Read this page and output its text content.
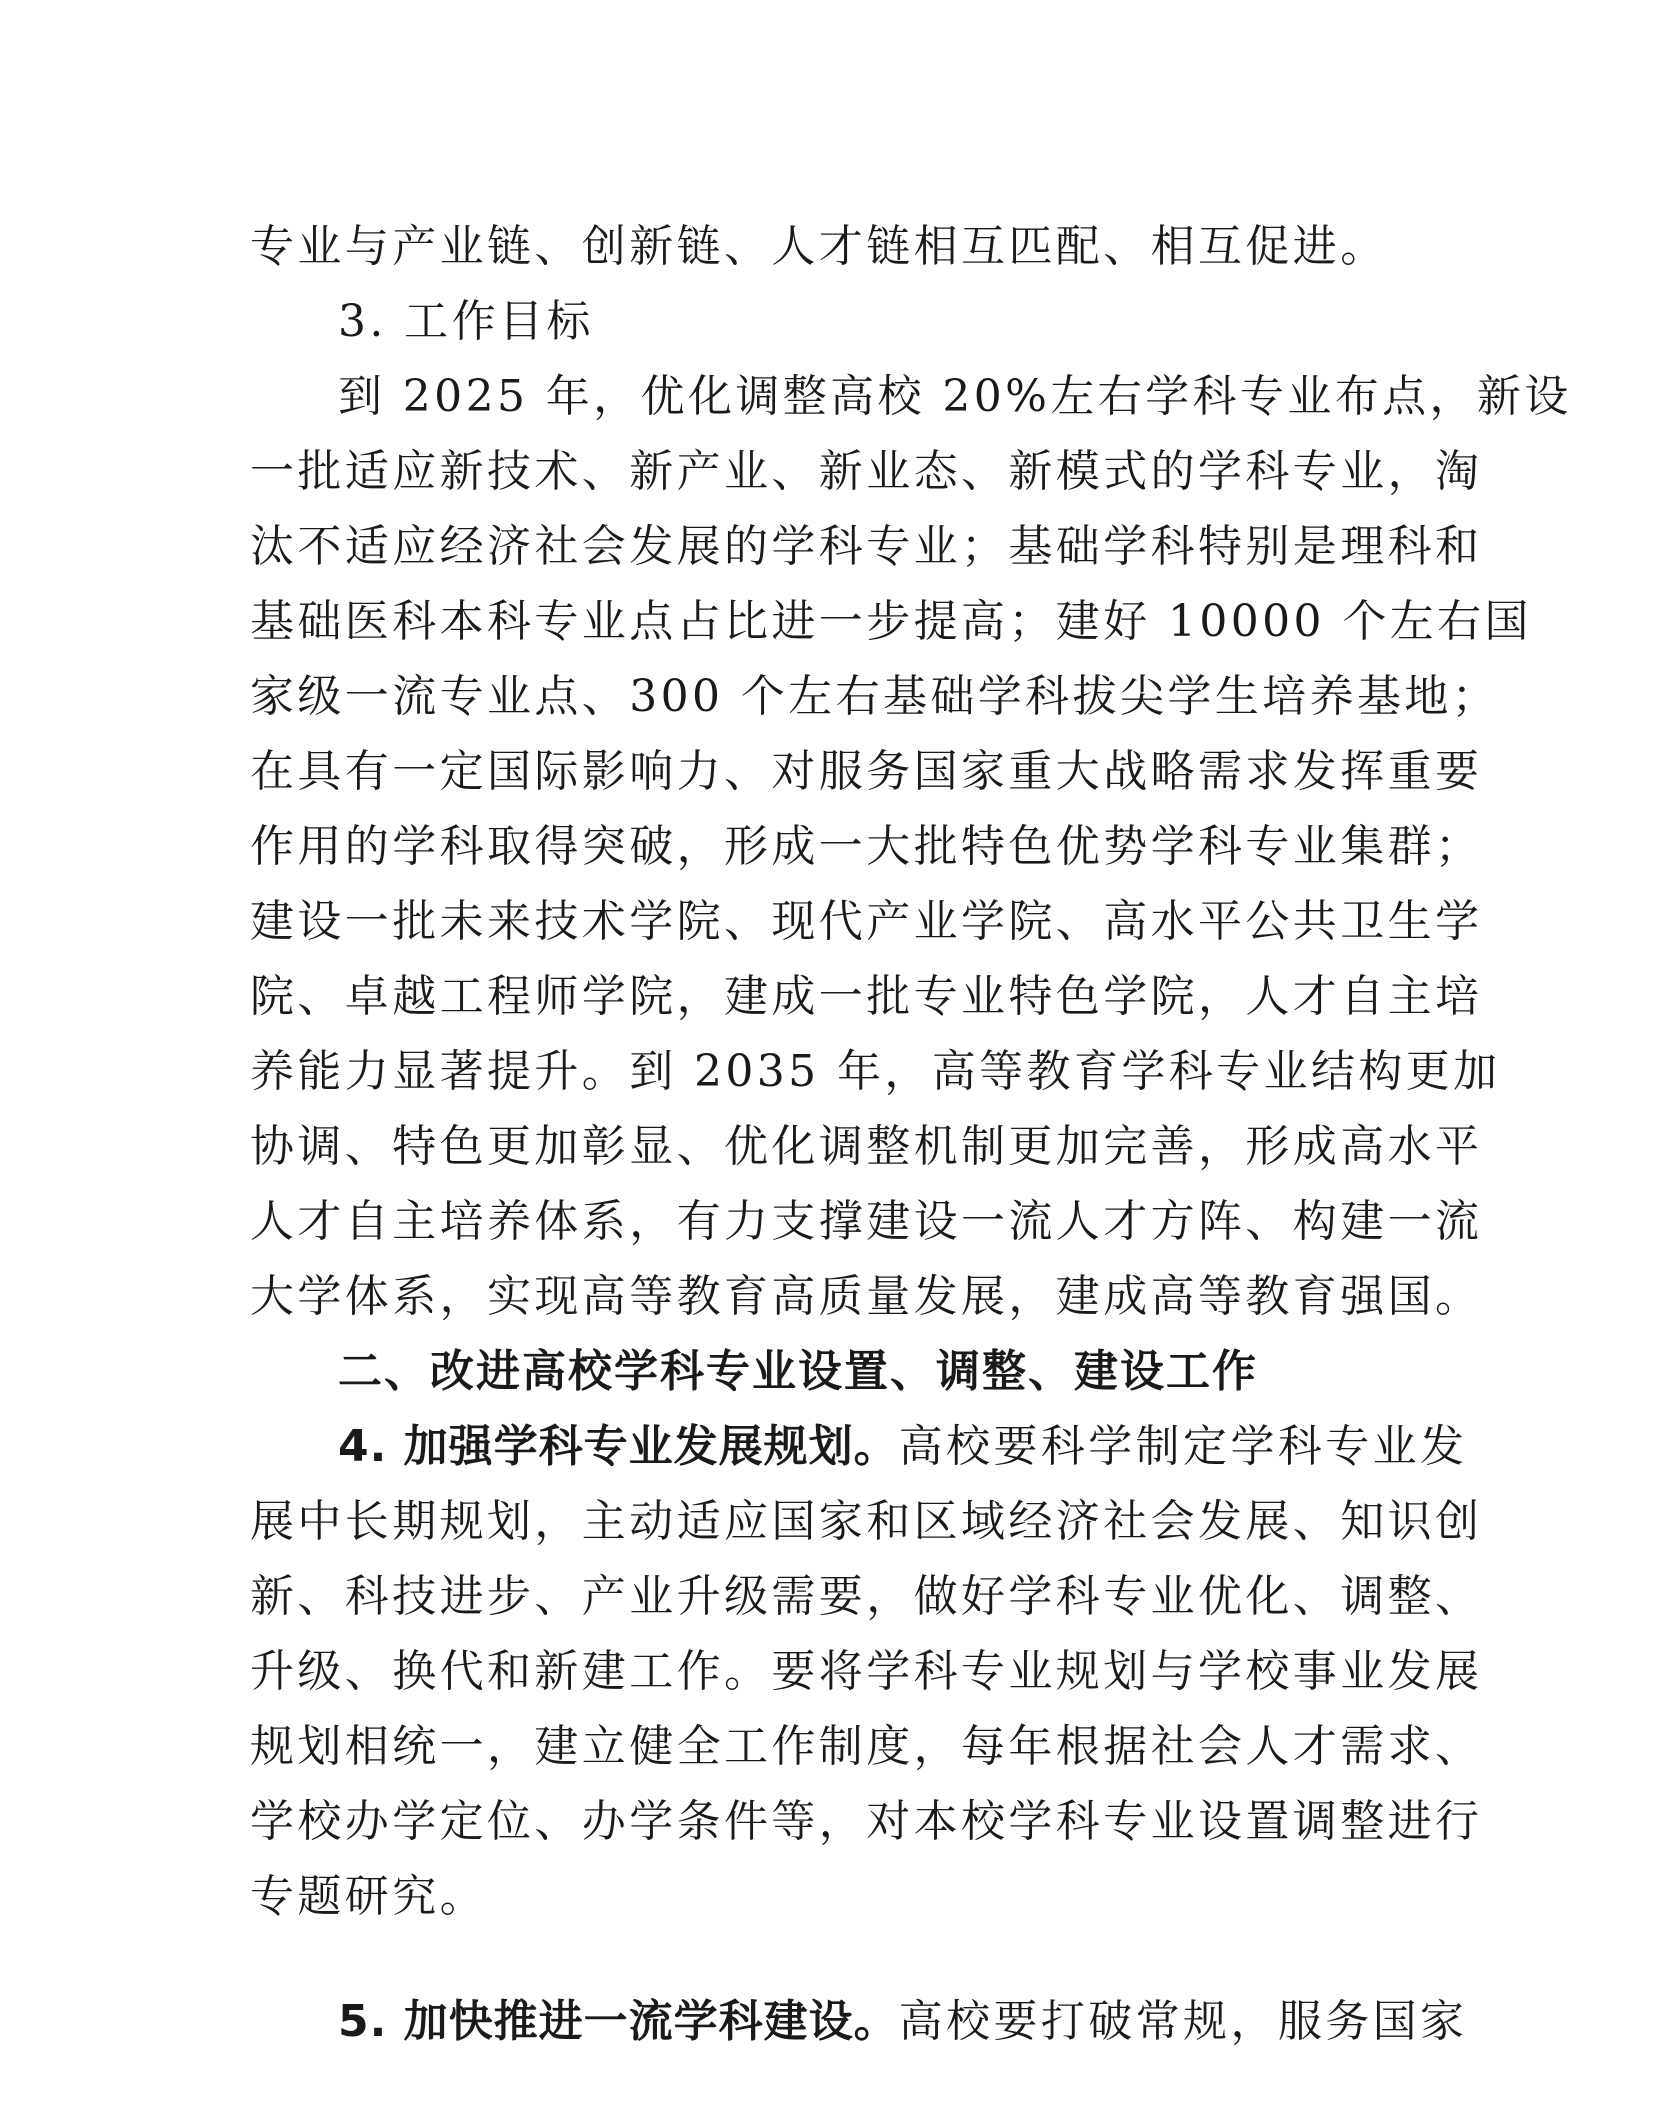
专业与产业链、创新链、人才链相互匹配、相互促进。
3. 工作目标
到 2025 年，优化调整高校 20%左右学科专业布点，新设
一批适应新技术、新产业、新业态、新模式的学科专业，淘
汰不适应经济社会发展的学科专业；基础学科特别是理科和
基础医科本科专业点占比进一步提高；建好 10000 个左右国
家级一流专业点、300 个左右基础学科拔尖学生培养基地；
在具有一定国际影响力、对服务国家重大战略需求发挥重要
作用的学科取得突破，形成一大批特色优势学科专业集群；
建设一批未来技术学院、现代产业学院、高水平公共卫生学
院、卓越工程师学院，建成一批专业特色学院，人才自主培
养能力显著提升。到 2035 年，高等教育学科专业结构更加
协调、特色更加彰显、优化调整机制更加完善，形成高水平
人才自主培养体系，有力支撑建设一流人才方阵、构建一流
大学体系，实现高等教育高质量发展，建成高等教育强国。
二、改进高校学科专业设置、调整、建设工作
4. 加强学科专业发展规划。高校要科学制定学科专业发
展中长期规划，主动适应国家和区域经济社会发展、知识创
新、科技进步、产业升级需要，做好学科专业优化、调整、
升级、换代和新建工作。要将学科专业规划与学校事业发展
规划相统一，建立健全工作制度，每年根据社会人才需求、
学校办学定位、办学条件等，对本校学科专业设置调整进行
专题研究。
5. 加快推进一流学科建设。高校要打破常规，服务国家
